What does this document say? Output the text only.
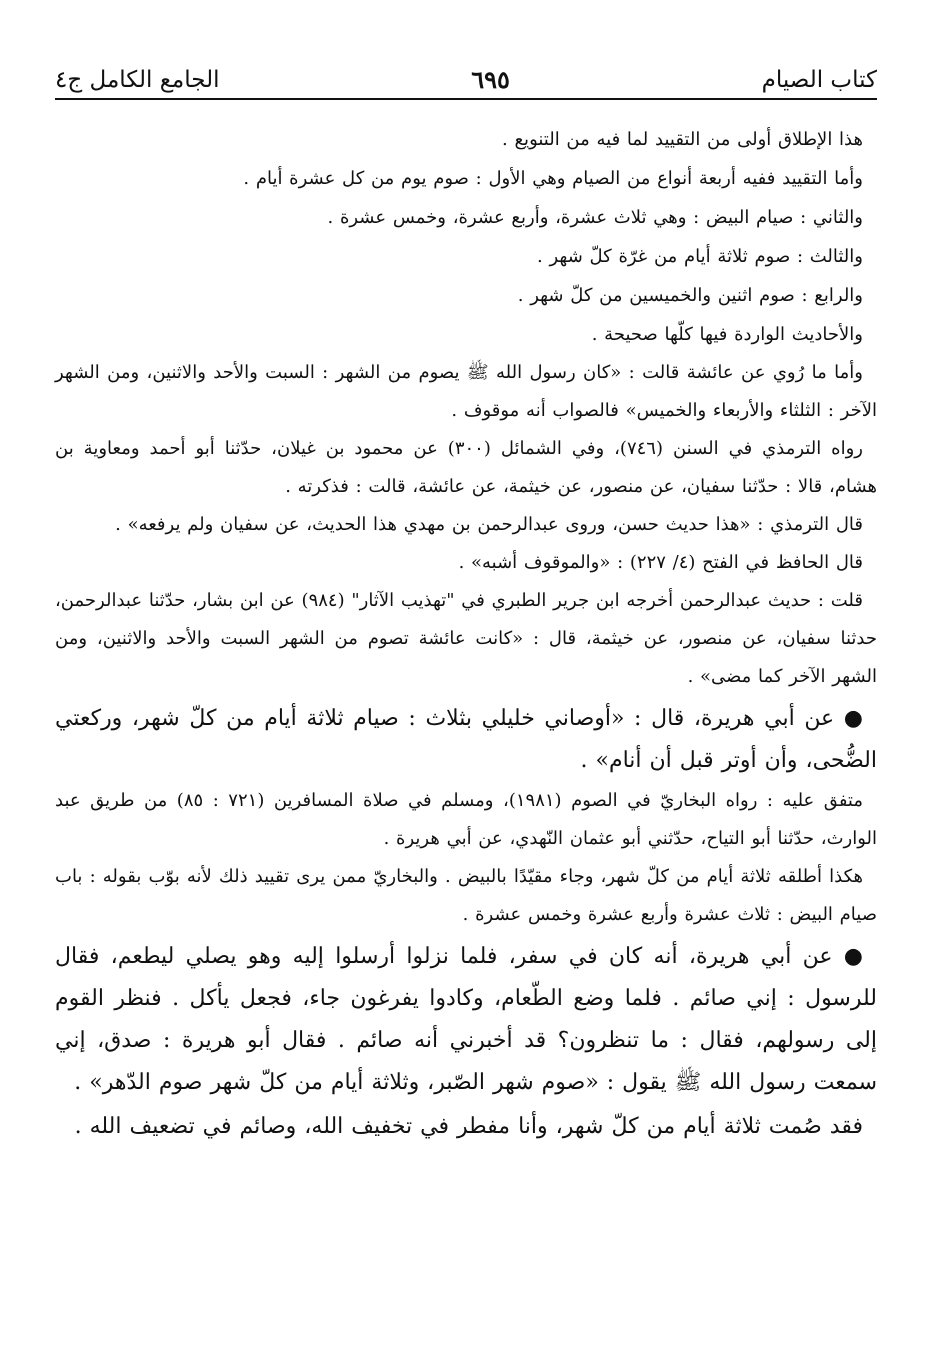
كتاب الصيام
٦٩٥
الجامع الكامل ج٤

هذا الإطلاق أولى من التقييد لما فيه من التنويع .

وأما التقييد ففيه أربعة أنواع من الصيام وهي الأول : صوم يوم من كل عشرة أيام .

والثاني : صيام البيض : وهي ثلاث عشرة، وأربع عشرة، وخمس عشرة .

والثالث : صوم ثلاثة أيام من غرّة كلّ شهر .

والرابع : صوم اثنين والخميسين من كلّ شهر .

والأحاديث الواردة فيها كلّها صحيحة .

وأما ما رُوي عن عائشة قالت : «كان رسول الله ﷺ يصوم من الشهر : السبت والأحد والاثنين، ومن الشهر الآخر : الثلثاء والأربعاء والخميس» فالصواب أنه موقوف .

رواه الترمذي في السنن (٧٤٦)، وفي الشمائل (٣٠٠) عن محمود بن غيلان، حدّثنا أبو أحمد ومعاوية بن هشام، قالا : حدّثنا سفيان، عن منصور، عن خيثمة، عن عائشة، قالت : فذكرته .

قال الترمذي : «هذا حديث حسن، وروى عبدالرحمن بن مهدي هذا الحديث، عن سفيان ولم يرفعه» .

قال الحافظ في الفتح (٤/ ٢٢٧) : «والموقوف أشبه» .

قلت : حديث عبدالرحمن أخرجه ابن جرير الطبري في "تهذيب الآثار" (٩٨٤) عن ابن بشار، حدّثنا عبدالرحمن، حدثنا سفيان، عن منصور، عن خيثمة، قال : «كانت عائشة تصوم من الشهر السبت والأحد والاثنين، ومن الشهر الآخر كما مضى» .

● عن أبي هريرة، قال : «أوصاني خليلي بثلاث : صيام ثلاثة أيام من كلّ شهر، وركعتي الضُّحى، وأن أوتر قبل أن أنام» .

متفق عليه : رواه البخاريّ في الصوم (١٩٨١)، ومسلم في صلاة المسافرين (٧٢١ : ٨٥) من طريق عبد الوارث، حدّثنا أبو التياح، حدّثني أبو عثمان النّهدي، عن أبي هريرة .

هكذا أطلقه ثلاثة أيام من كلّ شهر، وجاء مقيّدًا بالبيض . والبخاريّ ممن يرى تقييد ذلك لأنه بوّب بقوله : باب صيام البيض : ثلاث عشرة وأربع عشرة وخمس عشرة .

● عن أبي هريرة، أنه كان في سفر، فلما نزلوا أرسلوا إليه وهو يصلي ليطعم، فقال للرسول : إني صائم . فلما وضع الطّعام، وكادوا يفرغون جاء، فجعل يأكل . فنظر القوم إلى رسولهم، فقال : ما تنظرون؟ قد أخبرني أنه صائم . فقال أبو هريرة : صدق، إني سمعت رسول الله ﷺ يقول : «صوم شهر الصّبر، وثلاثة أيام من كلّ شهر صوم الدّهر» .

فقد صُمت ثلاثة أيام من كلّ شهر، وأنا مفطر في تخفيف الله، وصائم في تضعيف الله .
